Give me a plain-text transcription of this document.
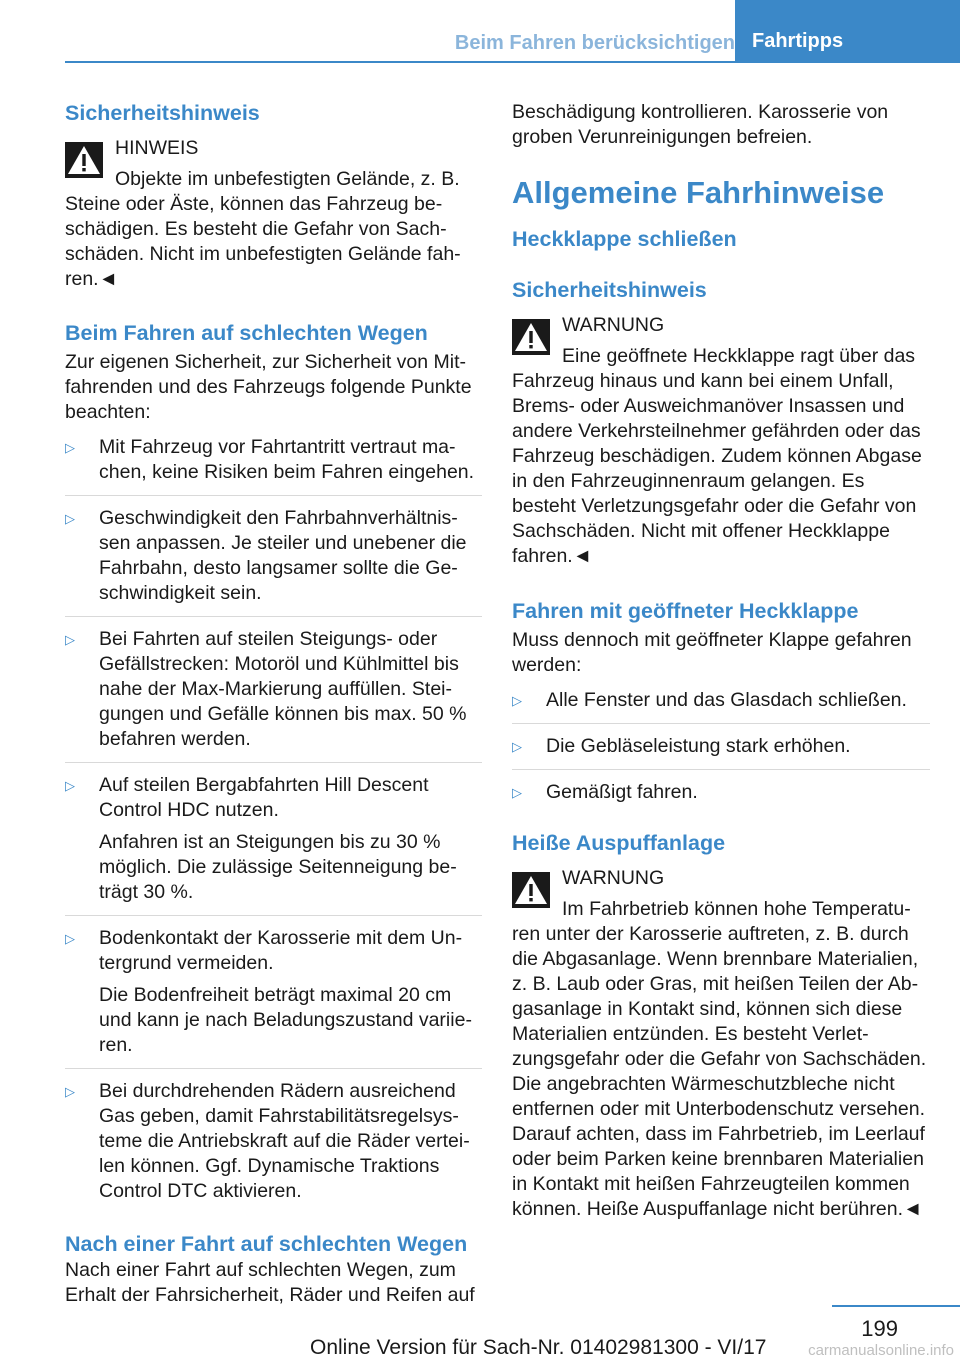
Beim Fahren berücksichtigen Fahrtipps

Sicherheitshinweis

HINWEIS

Objekte im unbefestigten Gelände, z. B. Steine oder Äste, können das Fahrzeug beschädigen. Es besteht die Gefahr von Sachschäden. Nicht im unbefestigten Gelände fahren.◄

Beim Fahren auf schlechten Wegen

Zur eigenen Sicherheit, zur Sicherheit von Mitfahrenden und des Fahrzeugs folgende Punkte beachten:

▷ Mit Fahrzeug vor Fahrtantritt vertraut machen, keine Risiken beim Fahren eingehen.
▷ Geschwindigkeit den Fahrbahnverhältnissen anpassen. Je steiler und unebener die Fahrbahn, desto langsamer sollte die Geschwindigkeit sein.
▷ Bei Fahrten auf steilen Steigungs- oder Gefällstrecken: Motoröl und Kühlmittel bis nahe der Max-Markierung auffüllen. Steigungen und Gefälle können bis max. 50 % befahren werden.
▷ Auf steilen Bergabfahrten Hill Descent Control HDC nutzen.
Anfahren ist an Steigungen bis zu 30 % möglich. Die zulässige Seitenneigung beträgt 30 %.
▷ Bodenkontakt der Karosserie mit dem Untergrund vermeiden.
Die Bodenfreiheit beträgt maximal 20 cm und kann je nach Beladungszustand variieren.
▷ Bei durchdrehenden Rädern ausreichend Gas geben, damit Fahrstabilitätsregelsysteme die Antriebskraft auf die Räder verteilen können. Ggf. Dynamische Traktions Control DTC aktivieren.

Nach einer Fahrt auf schlechten Wegen

Nach einer Fahrt auf schlechten Wegen, zum Erhalt der Fahrsicherheit, Räder und Reifen auf

Beschädigung kontrollieren. Karosserie von groben Verunreinigungen befreien.

Allgemeine Fahrhinweise

Heckklappe schließen

Sicherheitshinweis

WARNUNG

Eine geöffnete Heckklappe ragt über das Fahrzeug hinaus und kann bei einem Unfall, Brems- oder Ausweichmanöver Insassen und andere Verkehrsteilnehmer gefährden oder das Fahrzeug beschädigen. Zudem können Abgase in den Fahrzeuginnenraum gelangen. Es besteht Verletzungsgefahr oder die Gefahr von Sachschäden. Nicht mit offener Heckklappe fahren.◄

Fahren mit geöffneter Heckklappe

Muss dennoch mit geöffneter Klappe gefahren werden:

▷ Alle Fenster und das Glasdach schließen.
▷ Die Gebläseleistung stark erhöhen.
▷ Gemäßigt fahren.

Heiße Auspuffanlage

WARNUNG

Im Fahrbetrieb können hohe Temperaturen unter der Karosserie auftreten, z. B. durch die Abgasanlage. Wenn brennbare Materialien, z. B. Laub oder Gras, mit heißen Teilen der Abgasanlage in Kontakt sind, können sich diese Materialien entzünden. Es besteht Verletzungsgefahr oder die Gefahr von Sachschäden. Die angebrachten Wärmeschutzbleche nicht entfernen oder mit Unterbodenschutz versehen. Darauf achten, dass im Fahrbetrieb, im Leerlauf oder beim Parken keine brennbaren Materialien in Kontakt mit heißen Fahrzeugteilen kommen können. Heiße Auspuffanlage nicht berühren.◄

199
Online Version für Sach-Nr. 01402981300 - VI/17	carmanualsonline.info
